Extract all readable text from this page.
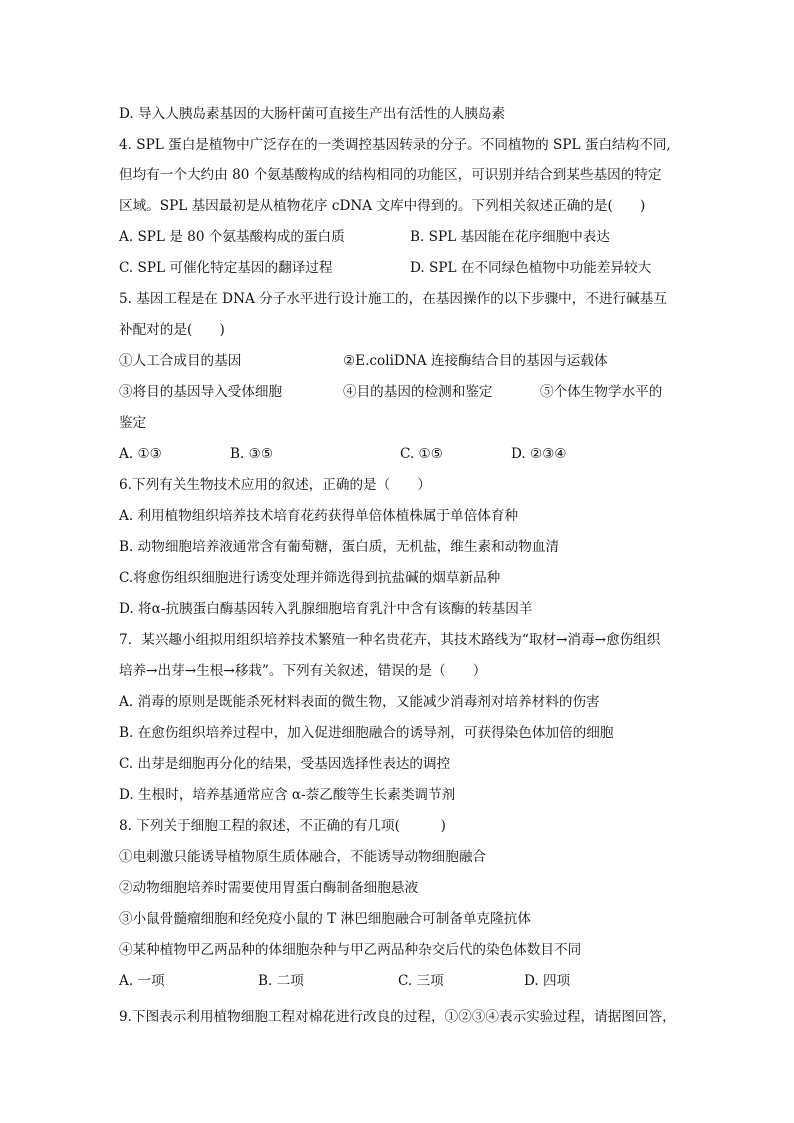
D. 导入人胰岛素基因的大肠杆菌可直接生产出有活性的人胰岛素
4. SPL 蛋白是植物中广泛存在的一类调控基因转录的分子。不同植物的 SPL 蛋白结构不同,
但均有一个大约由 80 个氨基酸构成的结构相同的功能区，可识别并结合到某些基因的特定
区域。SPL 基因最初是从植物花序 cDNA 文库中得到的。下列相关叙述正确的是(　　)
A. SPL 是 80 个氨基酸构成的蛋白质	B. SPL 基因能在花序细胞中表达
C. SPL 可催化特定基因的翻译过程	D. SPL 在不同绿色植物中功能差异较大
5. 基因工程是在 DNA 分子水平进行设计施工的，在基因操作的以下步骤中，不进行碱基互
补配对的是(　　)
①人工合成目的基因	②E.coliDNA 连接酶结合目的基因与运载体
③将目的基因导入受体细胞	④目的基因的检测和鉴定	⑤个体生物学水平的
鉴定
A. ①③	B. ③⑤	C. ①⑤	D. ②③④
6.下列有关生物技术应用的叙述，正确的是（　　）
A. 利用植物组织培养技术培育花药获得单倍体植株属于单倍体育种
B. 动物细胞培养液通常含有葡萄糖，蛋白质，无机盐，维生素和动物血清
C.将愈伤组织细胞进行诱变处理并筛选得到抗盐碱的烟草新品种
D. 将α-抗胰蛋白酶基因转入乳腺细胞培育乳汁中含有该酶的转基因羊
7．某兴趣小组拟用组织培养技术繁殖一种名贵花卉，其技术路线为“取材→消毒→愈伤组织
培养→出芽→生根→移栽”。下列有关叙述，错误的是（　　）
A. 消毒的原则是既能杀死材料表面的微生物，又能减少消毒剂对培养材料的伤害
B. 在愈伤组织培养过程中，加入促进细胞融合的诱导剂，可获得染色体加倍的细胞
C. 出芽是细胞再分化的结果，受基因选择性表达的调控
D. 生根时，培养基通常应含 α-萘乙酸等生长素类调节剂
8. 下列关于细胞工程的叙述，不正确的有几项(　　　)
①电刺激只能诱导植物原生质体融合，不能诱导动物细胞融合
②动物细胞培养时需要使用胃蛋白酶制备细胞悬液
③小鼠骨髓瘤细胞和经免疫小鼠的 T 淋巴细胞融合可制备单克隆抗体
④某种植物甲乙两品种的体细胞杂种与甲乙两品种杂交后代的染色体数目不同
A. 一项	B. 二项	C. 三项	D. 四项
9.下图表示利用植物细胞工程对棉花进行改良的过程，①②③④表示实验过程，请据图回答，
